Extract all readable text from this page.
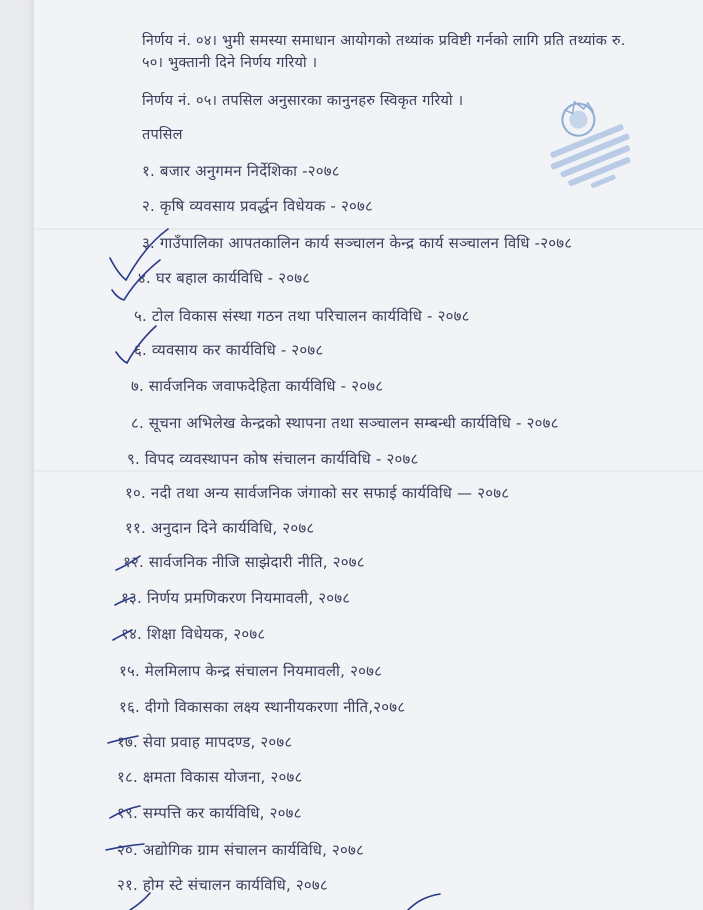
निर्णय नं. ०४। भुमी समस्या समाधान आयोगको तथ्यांक प्रविष्टी गर्नको लागि प्रति तथ्यांक रु.
५०। भुक्तानी दिने निर्णय गरियो ।
निर्णय नं. ०५। तपसिल अनुसारका कानुनहरु स्विकृत गरियो ।
तपसिल
१. बजार अनुगमन निर्देशिका -२०७८
२. कृषि व्यवसाय प्रवर्द्धन विधेयक - २०७८
३. गाउँपालिका आपतकालिन कार्य सञ्चालन केन्द्र कार्य सञ्चालन विधि -२०७८
४. घर बहाल कार्यविधि - २०७८
५. टोल विकास संस्था गठन तथा परिचालन कार्यविधि - २०७८
६. व्यवसाय कर कार्यविधि - २०७८
७. सार्वजनिक जवाफदेहिता कार्यविधि - २०७८
८. सूचना अभिलेख केन्द्रको स्थापना तथा सञ्चालन सम्बन्धी कार्यविधि - २०७८
९. विपद व्यवस्थापन कोष संचालन कार्यविधि - २०७८
१०. नदी तथा अन्य सार्वजनिक जंगाको सर सफाई कार्यविधि — २०७८
११. अनुदान दिने कार्यविधि, २०७८
१२. सार्वजनिक नीजि साझेदारी नीति, २०७८
१३. निर्णय प्रमणिकरण नियमावली, २०७८
१४. शिक्षा विधेयक, २०७८
१५. मेलमिलाप केन्द्र संचालन नियमावली, २०७८
१६. दीगो विकासका लक्ष्य स्थानीयकरणा नीति,२०७८
१७. सेवा प्रवाह मापदण्ड, २०७८
१८. क्षमता विकास योजना, २०७८
१९. सम्पत्ति कर कार्यविधि, २०७८
२०. अद्योगिक ग्राम संचालन कार्यविधि, २०७८
२१. होम स्टे संचालन कार्यविधि, २०७८
